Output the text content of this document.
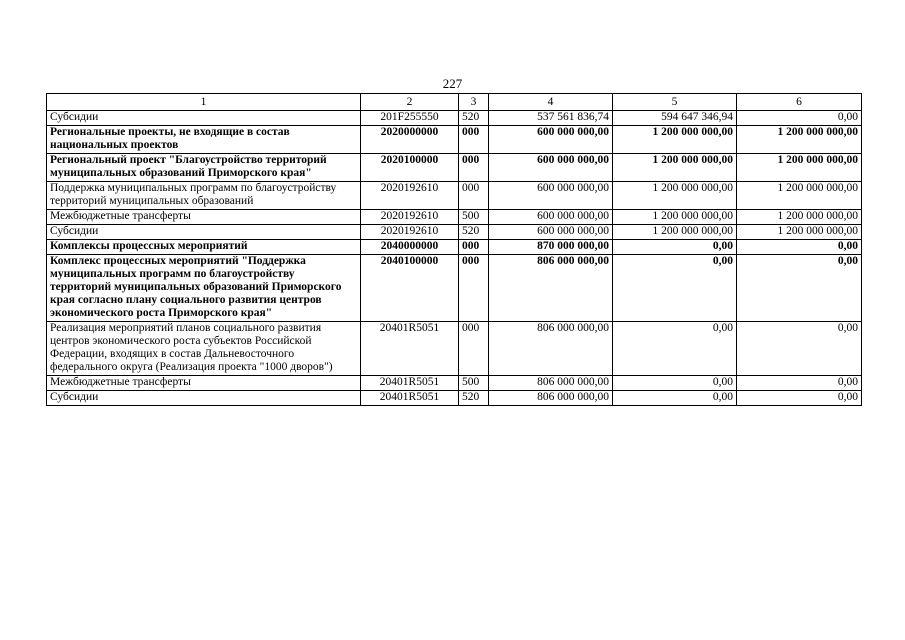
227
1	2	3	4	5	6
Субсидии	201F255550	520	537 561 836,74	594 647 346,94	0,00
Региональные проекты, не входящие в состав национальных проектов	2020000000	000	600 000 000,00	1 200 000 000,00	1 200 000 000,00
Региональный проект "Благоустройство территорий муниципальных образований Приморского края"	2020100000	000	600 000 000,00	1 200 000 000,00	1 200 000 000,00
Поддержка муниципальных программ по благоустройству территорий муниципальных образований	2020192610	000	600 000 000,00	1 200 000 000,00	1 200 000 000,00
Межбюджетные трансферты	2020192610	500	600 000 000,00	1 200 000 000,00	1 200 000 000,00
Субсидии	2020192610	520	600 000 000,00	1 200 000 000,00	1 200 000 000,00
Комплексы процессных мероприятий	2040000000	000	870 000 000,00	0,00	0,00
Комплекс процессных мероприятий "Поддержка муниципальных программ по благоустройству территорий муниципальных образований Приморского края согласно плану социального развития центров экономического роста Приморского края"	2040100000	000	806 000 000,00	0,00	0,00
Реализация мероприятий планов социального развития центров экономического роста субъектов Российской Федерации, входящих в состав Дальневосточного федерального округа (Реализация проекта "1000 дворов")	20401R5051	000	806 000 000,00	0,00	0,00
Межбюджетные трансферты	20401R5051	500	806 000 000,00	0,00	0,00
Субсидии	20401R5051	520	806 000 000,00	0,00	0,00
